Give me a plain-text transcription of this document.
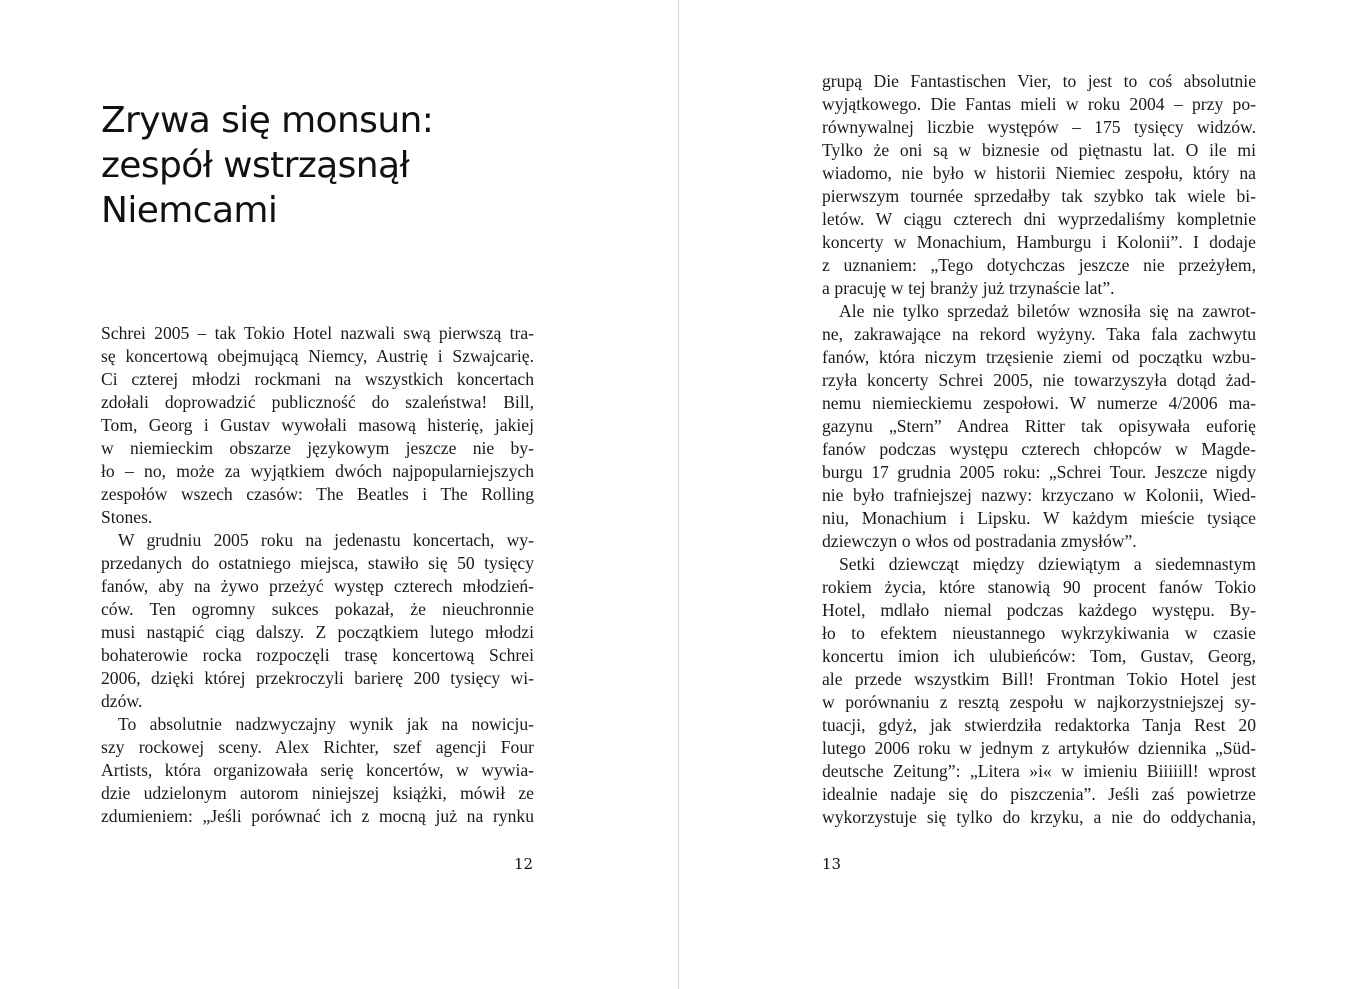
Zrywa się monsun:
zespół wstrząsnął
Niemcami
Schrei 2005 – tak Tokio Hotel nazwali swą pierwszą tra-
sę koncertową obejmującą Niemcy, Austrię i Szwajcarię.
Ci czterej młodzi rockmani na wszystkich koncertach
zdołali doprowadzić publiczność do szaleństwa! Bill,
Tom, Georg i Gustav wywołali masową histerię, jakiej
w niemieckim obszarze językowym jeszcze nie by-
ło – no, może za wyjątkiem dwóch najpopularniejszych
zespołów wszech czasów: The Beatles i The Rolling
Stones.
W grudniu 2005 roku na jedenastu koncertach, wy-
przedanych do ostatniego miejsca, stawiło się 50 tysięcy
fanów, aby na żywo przeżyć występ czterech młodzień-
ców. Ten ogromny sukces pokazał, że nieuchronnie
musi nastąpić ciąg dalszy. Z początkiem lutego młodzi
bohaterowie rocka rozpoczęli trasę koncertową Schrei
2006, dzięki której przekroczyli barierę 200 tysięcy wi-
dzów.
To absolutnie nadzwyczajny wynik jak na nowicju-
szy rockowej sceny. Alex Richter, szef agencji Four
Artists, która organizowała serię koncertów, w wywia-
dzie udzielonym autorom niniejszej książki, mówił ze
zdumieniem: „Jeśli porównać ich z mocną już na rynku
12
grupą Die Fantastischen Vier, to jest to coś absolutnie
wyjątkowego. Die Fantas mieli w roku 2004 – przy po-
równywalnej liczbie występów – 175 tysięcy widzów.
Tylko że oni są w biznesie od piętnastu lat. O ile mi
wiadomo, nie było w historii Niemiec zespołu, który na
pierwszym tournée sprzedałby tak szybko tak wiele bi-
letów. W ciągu czterech dni wyprzedaliśmy kompletnie
koncerty w Monachium, Hamburgu i Kolonii”. I dodaje
z uznaniem: „Tego dotychczas jeszcze nie przeżyłem,
a pracuję w tej branży już trzynaście lat”.
Ale nie tylko sprzedaż biletów wznosiła się na zawrot-
ne, zakrawające na rekord wyżyny. Taka fala zachwytu
fanów, która niczym trzęsienie ziemi od początku wzbu-
rzyła koncerty Schrei 2005, nie towarzyszyła dotąd żad-
nemu niemieckiemu zespołowi. W numerze 4/2006 ma-
gazynu „Stern” Andrea Ritter tak opisywała euforię
fanów podczas występu czterech chłopców w Magde-
burgu 17 grudnia 2005 roku: „Schrei Tour. Jeszcze nigdy
nie było trafniejszej nazwy: krzyczano w Kolonii, Wied-
niu, Monachium i Lipsku. W każdym mieście tysiące
dziewczyn o włos od postradania zmysłów”.
Setki dziewcząt między dziewiątym a siedemnastym
rokiem życia, które stanowią 90 procent fanów Tokio
Hotel, mdlało niemal podczas każdego występu. By-
ło to efektem nieustannego wykrzykiwania w czasie
koncertu imion ich ulubieńców: Tom, Gustav, Georg,
ale przede wszystkim Bill! Frontman Tokio Hotel jest
w porównaniu z resztą zespołu w najkorzystniejszej sy-
tuacji, gdyż, jak stwierdziła redaktorka Tanja Rest 20
lutego 2006 roku w jednym z artykułów dziennika „Süd-
deutsche Zeitung”: „Litera »i« w imieniu Biiiiill! wprost
idealnie nadaje się do piszczenia”. Jeśli zaś powietrze
wykorzystuje się tylko do krzyku, a nie do oddychania,
13
